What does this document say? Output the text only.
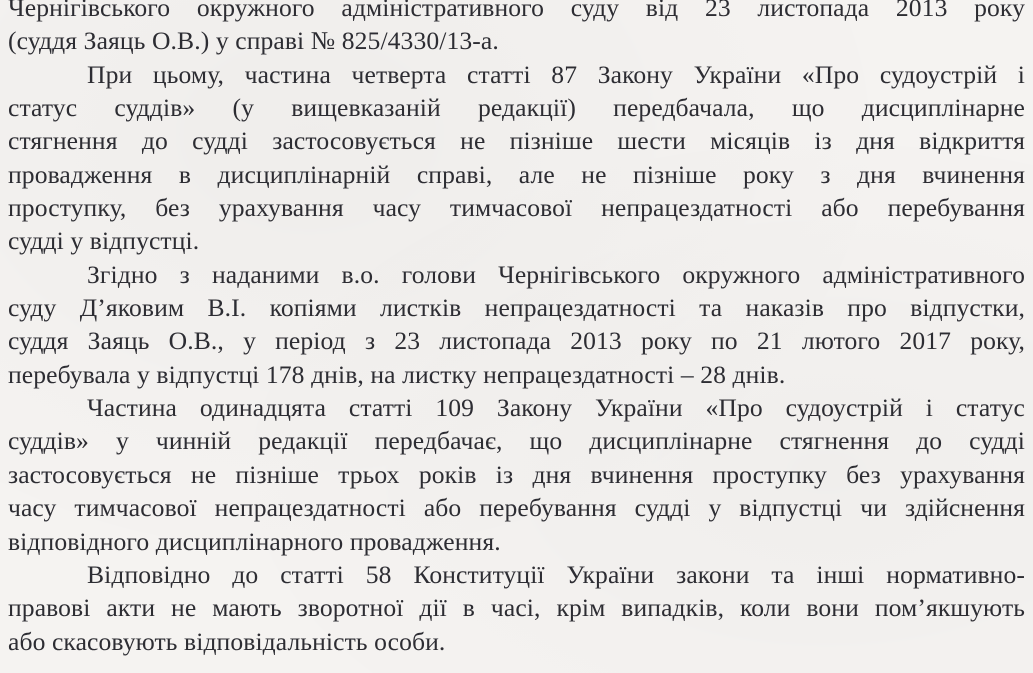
Чернігівського окружного адміністративного суду від 23 листопада 2013 року
(суддя Заяць О.В.) у справі № 825/4330/13-а.

При цьому, частина четверта статті 87 Закону України «Про судоустрій і
статус суддів» (у вищевказаній редакції) передбачала, що дисциплінарне
стягнення до судді застосовується не пізніше шести місяців із дня відкриття
провадження в дисциплінарній справі, але не пізніше року з дня вчинення
проступку, без урахування часу тимчасової непрацездатності або перебування
судді у відпустці.

Згідно з наданими в.о. голови Чернігівського окружного адміністративного
суду Д’яковим В.І. копіями листків непрацездатності та наказів про відпустки,
суддя Заяць О.В., у період з 23 листопада 2013 року по 21 лютого 2017 року,
перебувала у відпустці 178 днів, на листку непрацездатності – 28 днів.

Частина одинадцята статті 109 Закону України «Про судоустрій і статус
суддів» у чинній редакції передбачає, що дисциплінарне стягнення до судді
застосовується не пізніше трьох років із дня вчинення проступку без урахування
часу тимчасової непрацездатності або перебування судді у відпустці чи здійснення
відповідного дисциплінарного провадження.

Відповідно до статті 58 Конституції України закони та інші нормативно-
правові акти не мають зворотної дії в часі, крім випадків, коли вони пом’якшують
або скасовують відповідальність особи.
